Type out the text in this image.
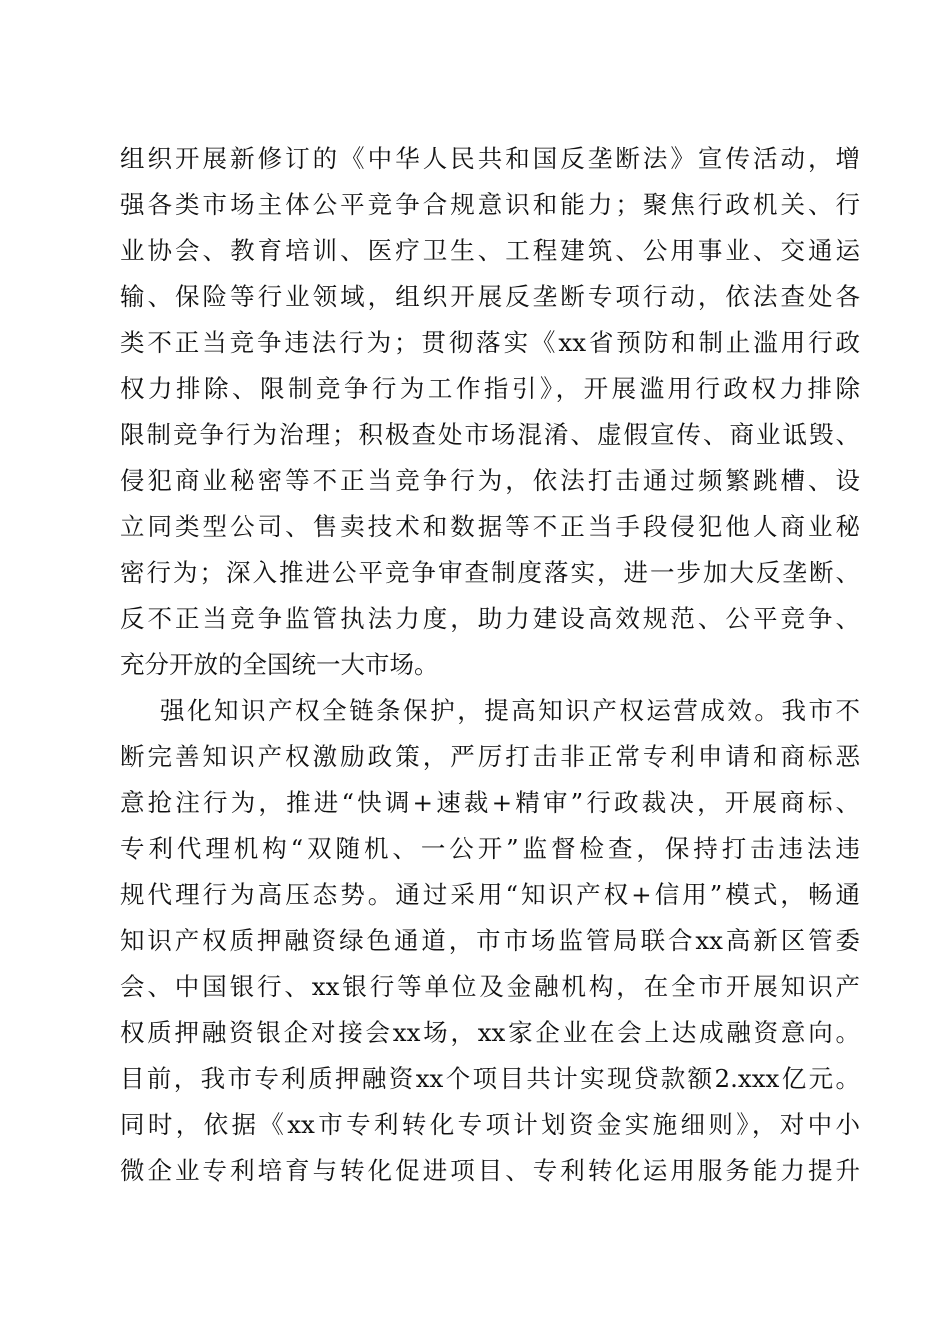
组织开展新修订的《中华人民共和国反垄断法》宣传活动，增
强各类市场主体公平竞争合规意识和能力；聚焦行政机关、行
业协会、教育培训、医疗卫生、工程建筑、公用事业、交通运
输、保险等行业领域，组织开展反垄断专项行动，依法查处各
类不正当竞争违法行为；贯彻落实《xx省预防和制止滥用行政
权力排除、限制竞争行为工作指引》，开展滥用行政权力排除
限制竞争行为治理；积极查处市场混淆、虚假宣传、商业诋毁、
侵犯商业秘密等不正当竞争行为，依法打击通过频繁跳槽、设
立同类型公司、售卖技术和数据等不正当手段侵犯他人商业秘
密行为；深入推进公平竞争审查制度落实，进一步加大反垄断、
反不正当竞争监管执法力度，助力建设高效规范、公平竞争、
充分开放的全国统一大市场。
强化知识产权全链条保护，提高知识产权运营成效。我市不
断完善知识产权激励政策，严厉打击非正常专利申请和商标恶
意抢注行为，推进“快调+速裁+精审”行政裁决，开展商标、
专利代理机构“双随机、一公开”监督检查，保持打击违法违
规代理行为高压态势。通过采用“知识产权+信用”模式，畅通
知识产权质押融资绿色通道，市市场监管局联合xx高新区管委
会、中国银行、xx银行等单位及金融机构，在全市开展知识产
权质押融资银企对接会xx场，xx家企业在会上达成融资意向。
目前，我市专利质押融资xx个项目共计实现贷款额2.xxx亿元。
同时，依据《xx市专利转化专项计划资金实施细则》，对中小
微企业专利培育与转化促进项目、专利转化运用服务能力提升
